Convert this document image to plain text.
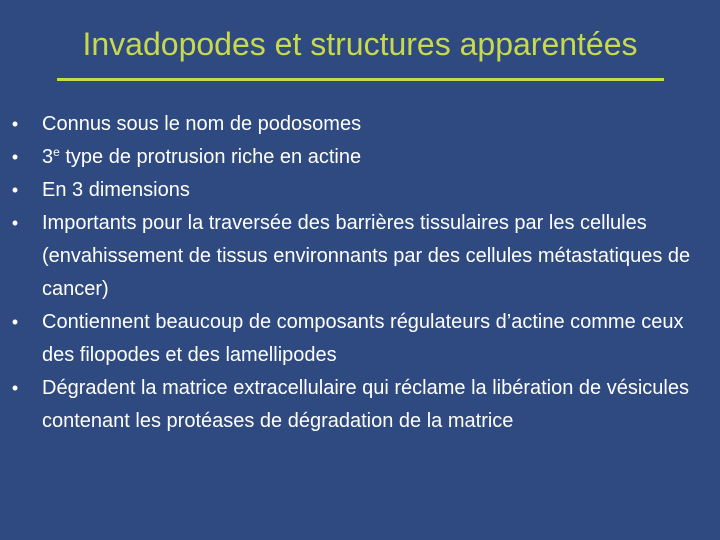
Invadopodes et structures apparentées
• Connus sous le nom de podosomes
• 3e type de protrusion riche en actine
• En 3 dimensions
• Importants pour la traversée des barrières tissulaires par les cellules (envahissement de tissus environnants par des cellules métastatiques de cancer)
• Contiennent beaucoup de composants régulateurs d’actine comme ceux des filopodes et des lamellipodes
• Dégradent la matrice extracellulaire qui réclame la libération de vésicules contenant les protéases de dégradation de la matrice
